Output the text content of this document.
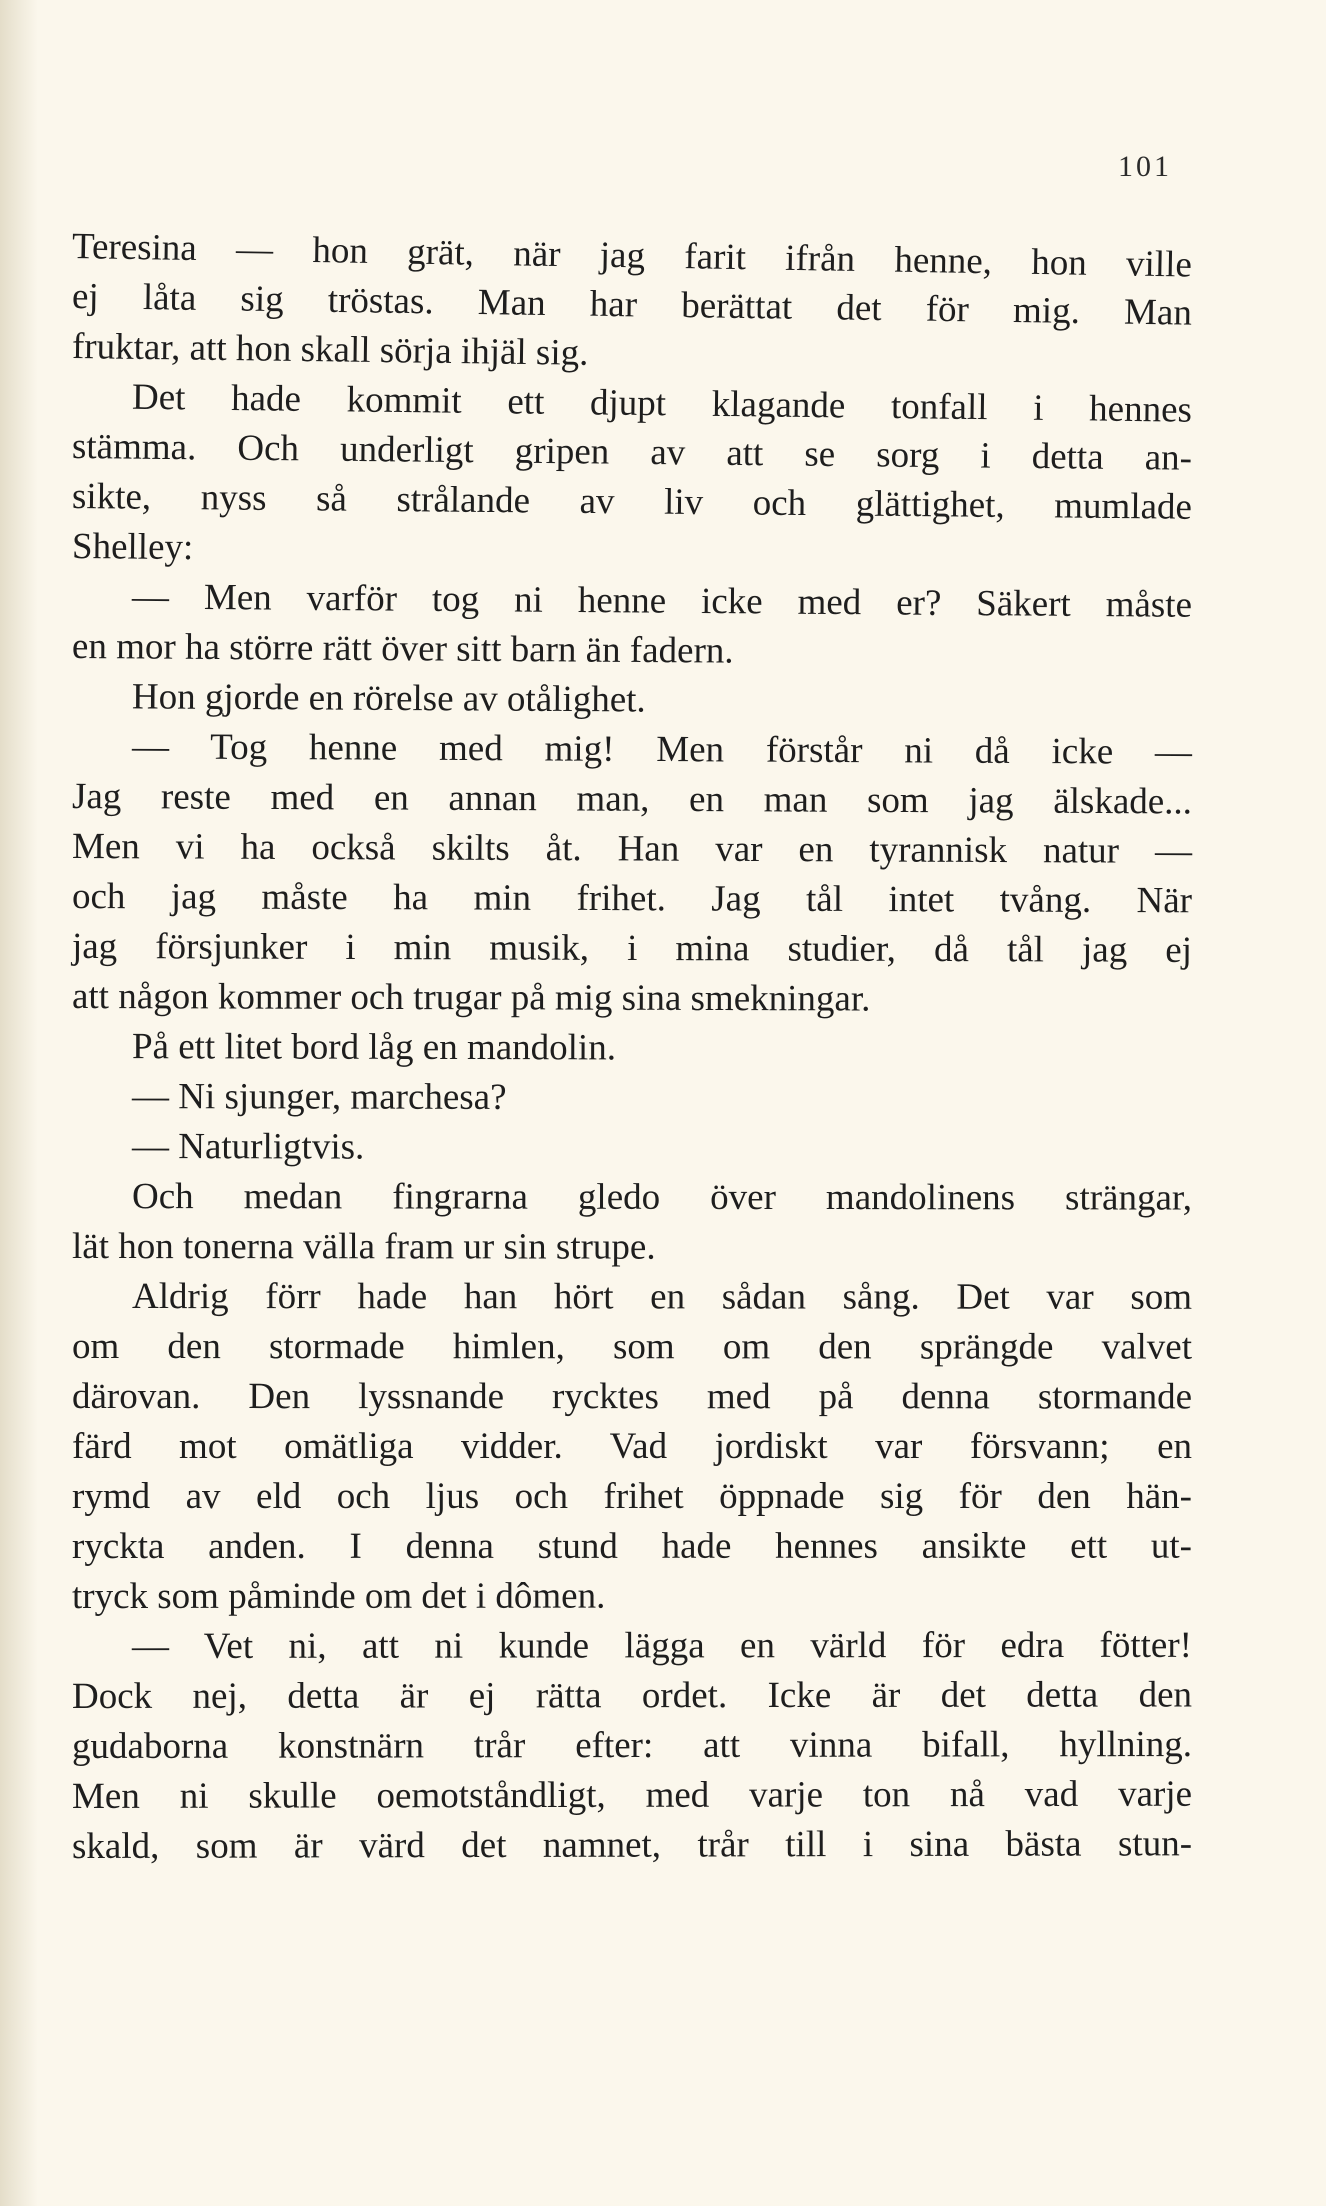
101
Teresina — hon grät, när jag farit ifrån henne, hon ville
ej låta sig tröstas. Man har berättat det för mig. Man
fruktar, att hon skall sörja ihjäl sig.
Det hade kommit ett djupt klagande tonfall i hennes
stämma. Och underligt gripen av att se sorg i detta an-
sikte, nyss så strålande av liv och glättighet, mumlade
Shelley:
— Men varför tog ni henne icke med er? Säkert måste
en mor ha större rätt över sitt barn än fadern.
Hon gjorde en rörelse av otålighet.
— Tog henne med mig! Men förstår ni då icke —
Jag reste med en annan man, en man som jag älskade...
Men vi ha också skilts åt. Han var en tyrannisk natur —
och jag måste ha min frihet. Jag tål intet tvång. När
jag försjunker i min musik, i mina studier, då tål jag ej
att någon kommer och trugar på mig sina smekningar.
På ett litet bord låg en mandolin.
— Ni sjunger, marchesa?
— Naturligtvis.
Och medan fingrarna gledo över mandolinens strängar,
lät hon tonerna välla fram ur sin strupe.
Aldrig förr hade han hört en sådan sång. Det var som
om den stormade himlen, som om den sprängde valvet
därovan. Den lyssnande rycktes med på denna stormande
färd mot omätliga vidder. Vad jordiskt var försvann; en
rymd av eld och ljus och frihet öppnade sig för den hän-
ryckta anden. I denna stund hade hennes ansikte ett ut-
tryck som påminde om det i dômen.
— Vet ni, att ni kunde lägga en värld för edra fötter!
Dock nej, detta är ej rätta ordet. Icke är det detta den
gudaborna konstnärn trår efter: att vinna bifall, hyllning.
Men ni skulle oemotståndligt, med varje ton nå vad varje
skald, som är värd det namnet, trår till i sina bästa stun-
